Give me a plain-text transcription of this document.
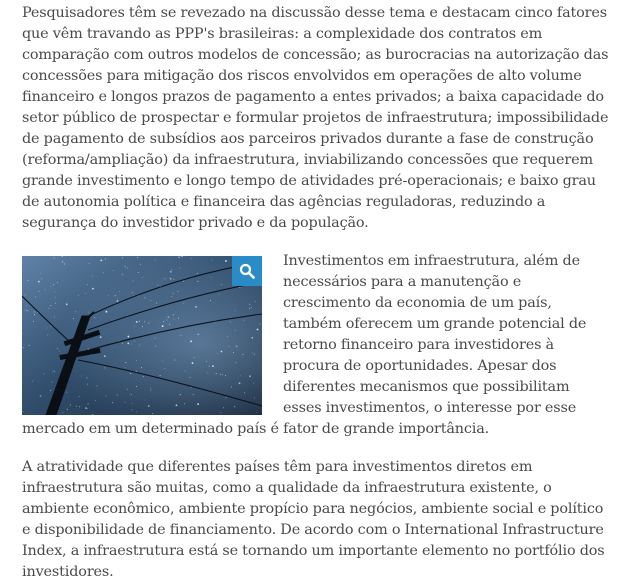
Pesquisadores têm se revezado na discussão desse tema e destacam cinco fatores que vêm travando as PPP's brasileiras: a complexidade dos contratos em comparação com outros modelos de concessão; as burocracias na autorização das concessões para mitigação dos riscos envolvidos em operações de alto volume financeiro e longos prazos de pagamento a entes privados; a baixa capacidade do setor público de prospectar e formular projetos de infraestrutura; impossibilidade de pagamento de subsídios aos parceiros privados durante a fase de construção (reforma/ampliação) da infraestrutura, inviabilizando concessões que requerem grande investimento e longo tempo de atividades pré-operacionais; e baixo grau de autonomia política e financeira das agências reguladoras, reduzindo a segurança do investidor privado e da população.

Investimentos em infraestrutura, além de necessários para a manutenção e crescimento da economia de um país, também oferecem um grande potencial de retorno financeiro para investidores à procura de oportunidades. Apesar dos diferentes mecanismos que possibilitam esses investimentos, o interesse por esse mercado em um determinado país é fator de grande importância.

A atratividade que diferentes países têm para investimentos diretos em infraestrutura são muitas, como a qualidade da infraestrutura existente, o ambiente econômico, ambiente propício para negócios, ambiente social e político e disponibilidade de financiamento. De acordo com o International Infrastructure Index, a infraestrutura está se tornando um importante elemento no portfólio dos investidores.
